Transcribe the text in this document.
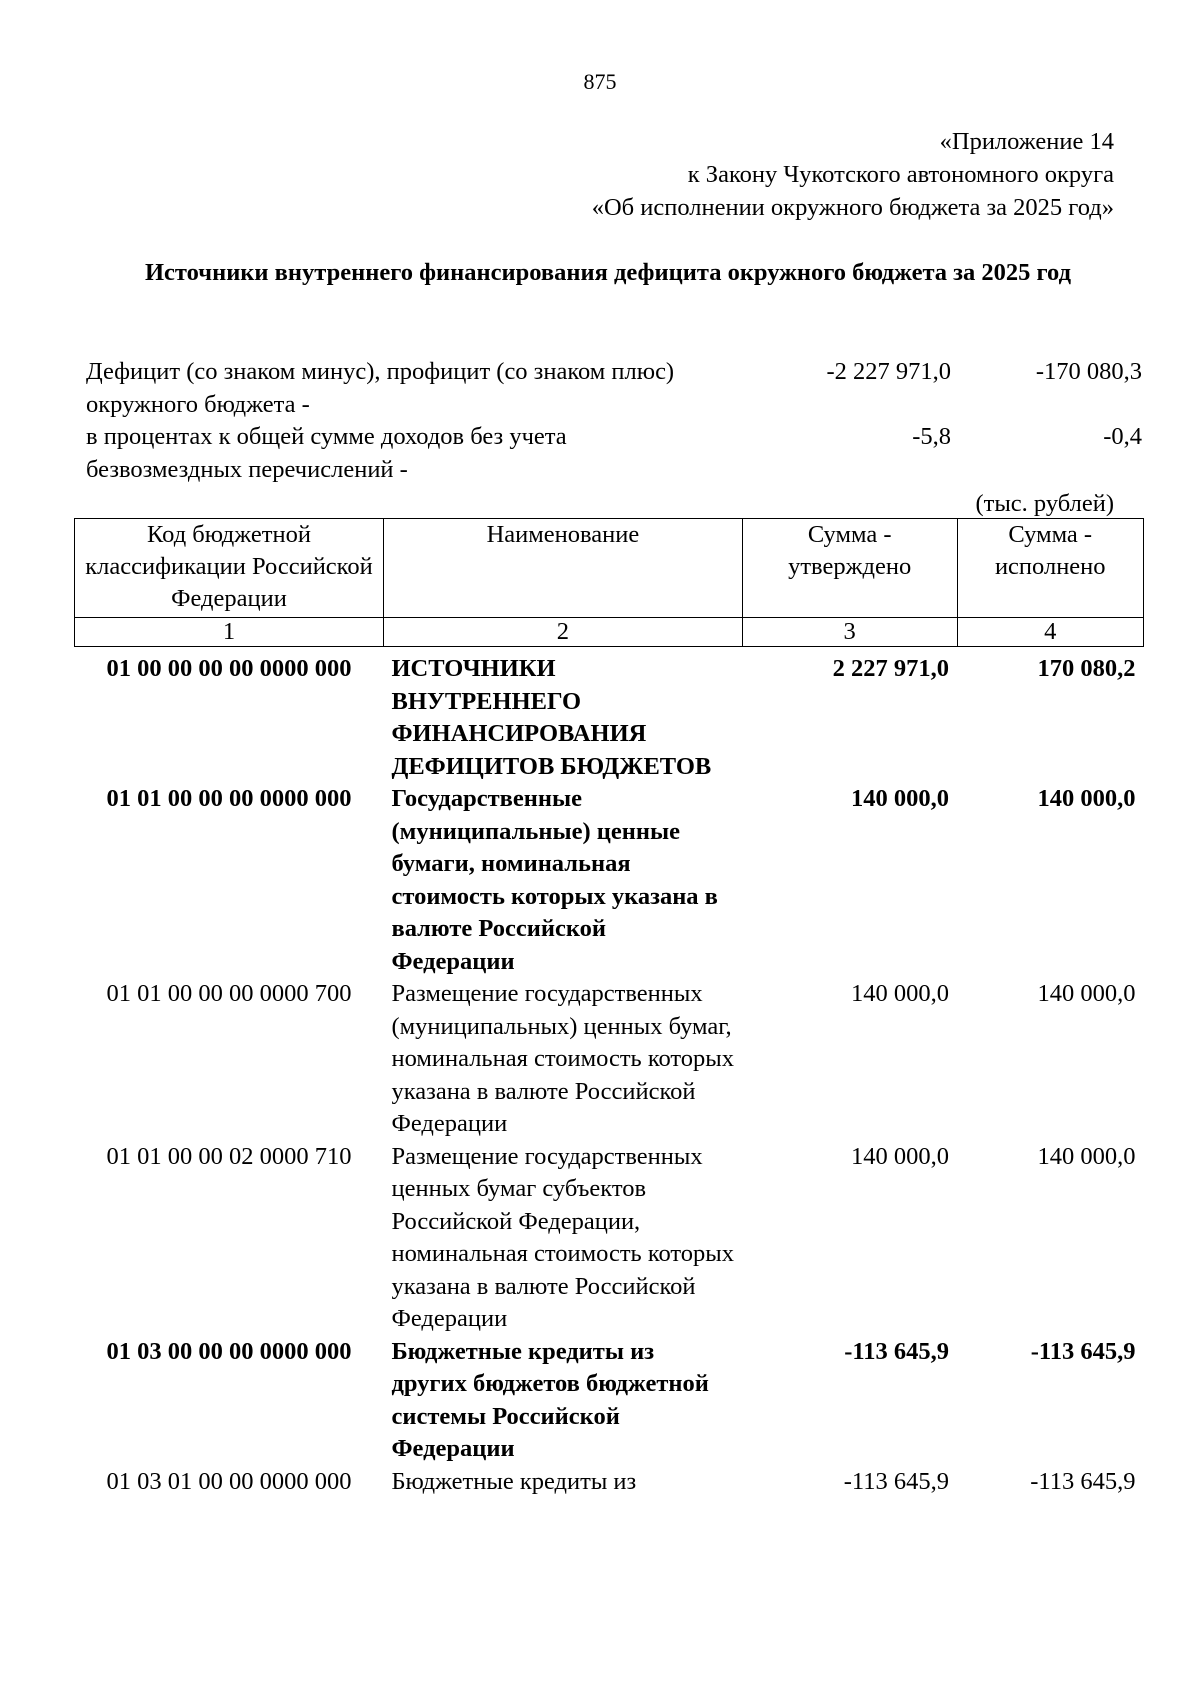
875
«Приложение 14
к Закону Чукотского автономного округа
«Об исполнении окружного бюджета за 2025 год»
Источники внутреннего финансирования дефицита окружного бюджета за 2025 год
Дефицит (со знаком минус), профицит (со знаком плюс) окружного бюджета -
-2 227 971,0	-170 080,3
в процентах к общей сумме доходов без учета безвозмездных перечислений -
-5,8	-0,4
(тыс. рублей)
Код бюджетной классификации Российской Федерации	Наименование	Сумма - утверждено	Сумма - исполнено
1	2	3	4
01 00 00 00 00 0000 000	ИСТОЧНИКИ ВНУТРЕННЕГО ФИНАНСИРОВАНИЯ ДЕФИЦИТОВ БЮДЖЕТОВ	2 227 971,0	170 080,2
01 01 00 00 00 0000 000	Государственные (муниципальные) ценные бумаги, номинальная стоимость которых указана в валюте Российской Федерации	140 000,0	140 000,0
01 01 00 00 00 0000 700	Размещение государственных (муниципальных) ценных бумаг, номинальная стоимость которых указана в валюте Российской Федерации	140 000,0	140 000,0
01 01 00 00 02 0000 710	Размещение государственных ценных бумаг субъектов Российской Федерации, номинальная стоимость которых указана в валюте Российской Федерации	140 000,0	140 000,0
01 03 00 00 00 0000 000	Бюджетные кредиты из других бюджетов бюджетной системы Российской Федерации	-113 645,9	-113 645,9
01 03 01 00 00 0000 000	Бюджетные кредиты из	-113 645,9	-113 645,9
